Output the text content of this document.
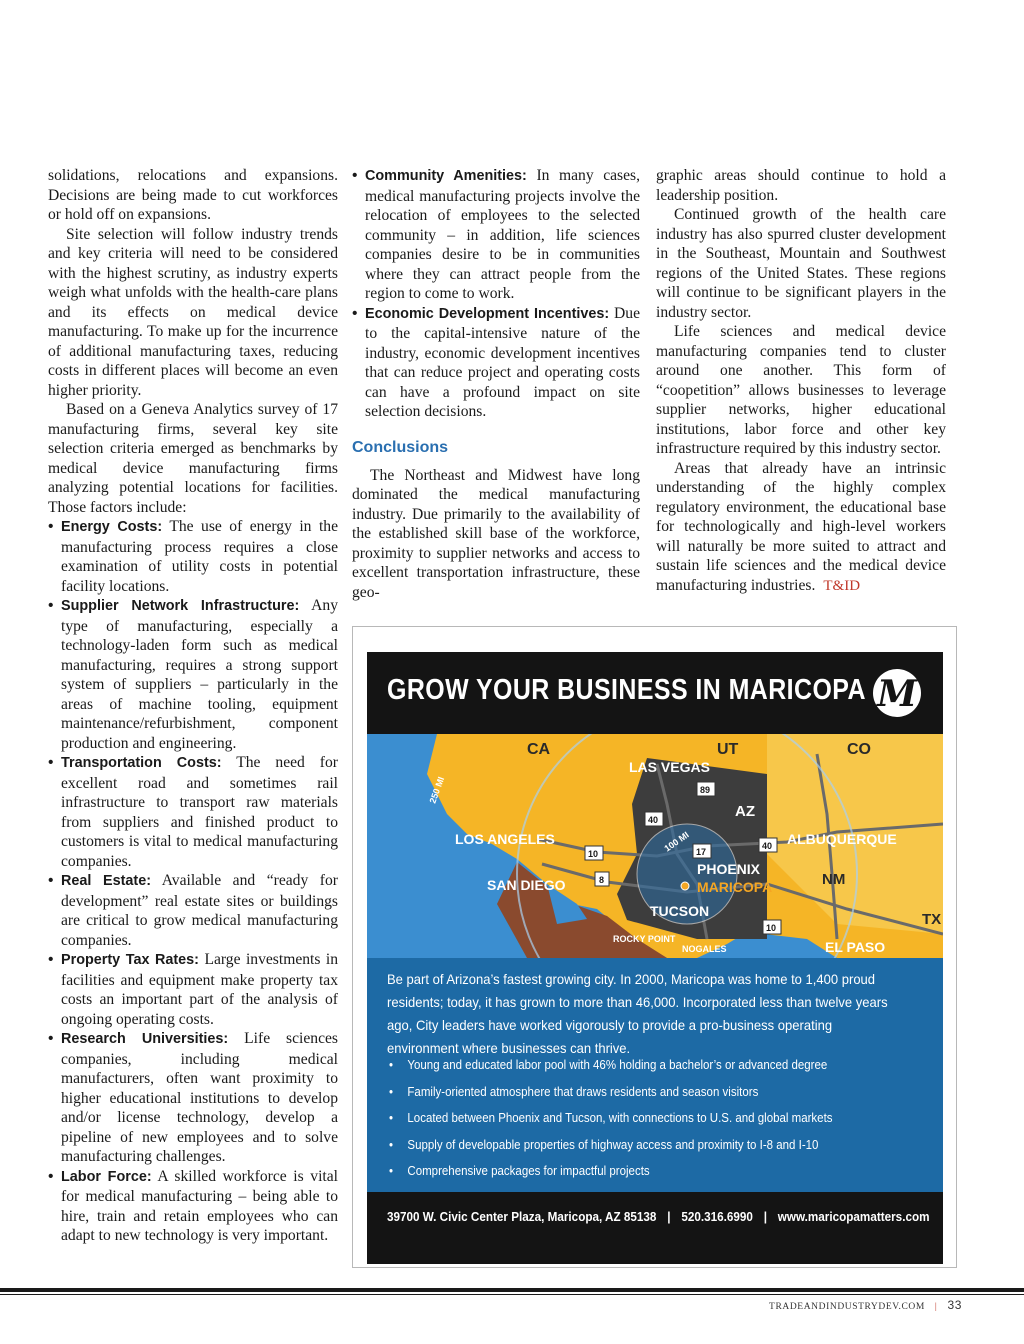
solidations, relocations and expansions. Decisions are being made to cut workforces or hold off on expansions.

Site selection will follow industry trends and key criteria will need to be considered with the highest scrutiny, as industry experts weigh what unfolds with the health-care plans and its effects on medical device manufacturing. To make up for the incurrence of additional manufacturing taxes, reducing costs in different places will become an even higher priority.

Based on a Geneva Analytics survey of 17 manufacturing firms, several key site selection criteria emerged as benchmarks by medical device manufacturing firms analyzing potential locations for facilities. Those factors include:

• Energy Costs: The use of energy in the manufacturing process requires a close examination of utility costs in potential facility locations.

• Supplier Network Infrastructure: Any type of manufacturing, especially a technology-laden form such as medical manufacturing, requires a strong support system of suppliers – particularly in the areas of machine tooling, equipment maintenance/refurbishment, component production and engineering.

• Transportation Costs: The need for excellent road and sometimes rail infrastructure to transport raw materials from suppliers and finished product to customers is vital to medical manufacturing companies.

• Real Estate: Available and “ready for development” real estate sites or buildings are critical to grow medical manufacturing companies.

• Property Tax Rates: Large investments in facilities and equipment make property tax costs an important part of the analysis of ongoing operating costs.

• Research Universities: Life sciences companies, including medical manufacturers, often want proximity to higher educational institutions to develop and/or license technology, develop a pipeline of new employees and to solve manufacturing challenges.

• Labor Force: A skilled workforce is vital for medical manufacturing – being able to hire, train and retain employees who can adapt to new technology is very important.

• Community Amenities: In many cases, medical manufacturing projects involve the relocation of employees to the selected community – in addition, life sciences companies desire to be in communities where they can attract people from the region to come to work.

• Economic Development Incentives: Due to the capital-intensive nature of the industry, economic development incentives that can reduce project and operating costs can have a profound impact on site selection decisions.

Conclusions

The Northeast and Midwest have long dominated the medical manufacturing industry. Due primarily to the availability of the established skill base of the workforce, proximity to supplier networks and access to excellent transportation infrastructure, these geo-

graphic areas should continue to hold a leadership position.

Continued growth of the health care industry has also spurred cluster development in the Southeast, Mountain and Southwest regions of the United States. These regions will continue to be significant players in the industry sector.

Life sciences and medical device manufacturing companies tend to cluster around one another. This form of “coopetition” allows businesses to leverage supplier networks, higher educational institutions, labor force and other key infrastructure required by this industry sector.

Areas that already have an intrinsic understanding of the highly complex regulatory environment, the educational base for technologically and high-level workers will naturally be more suited to attract and sustain life sciences and the medical device manufacturing industries. T&ID

GROW YOUR BUSINESS IN MARICOPA M
CA	UT	CO
AZ
NM
TX
LAS VEGAS
LOS ANGELES
SAN DIEGO
PHOENIX
MARICOPA
TUCSON
ALBUQUERQUE
EL PASO
ROCKY POINT
NOGALES
89
40
17
10
8
40
10
250 MI
100 MI
Be part of Arizona’s fastest growing city. In 2000, Maricopa was home to 1,400 proud residents; today, it has grown to more than 46,000. Incorporated less than twelve years ago, City leaders have worked vigorously to provide a pro-business operating environment where businesses can thrive.
• Young and educated labor pool with 46% holding a bachelor’s or advanced degree
• Family-oriented atmosphere that draws residents and season visitors
• Located between Phoenix and Tucson, with connections to U.S. and global markets
• Supply of developable properties of highway access and proximity to I-8 and I-10
• Comprehensive packages for impactful projects
39700 W. Civic Center Plaza, Maricopa, AZ 85138 | 520.316.6990 | www.maricopamatters.com
TRADEANDINDUSTRYDEV.COM | 33
